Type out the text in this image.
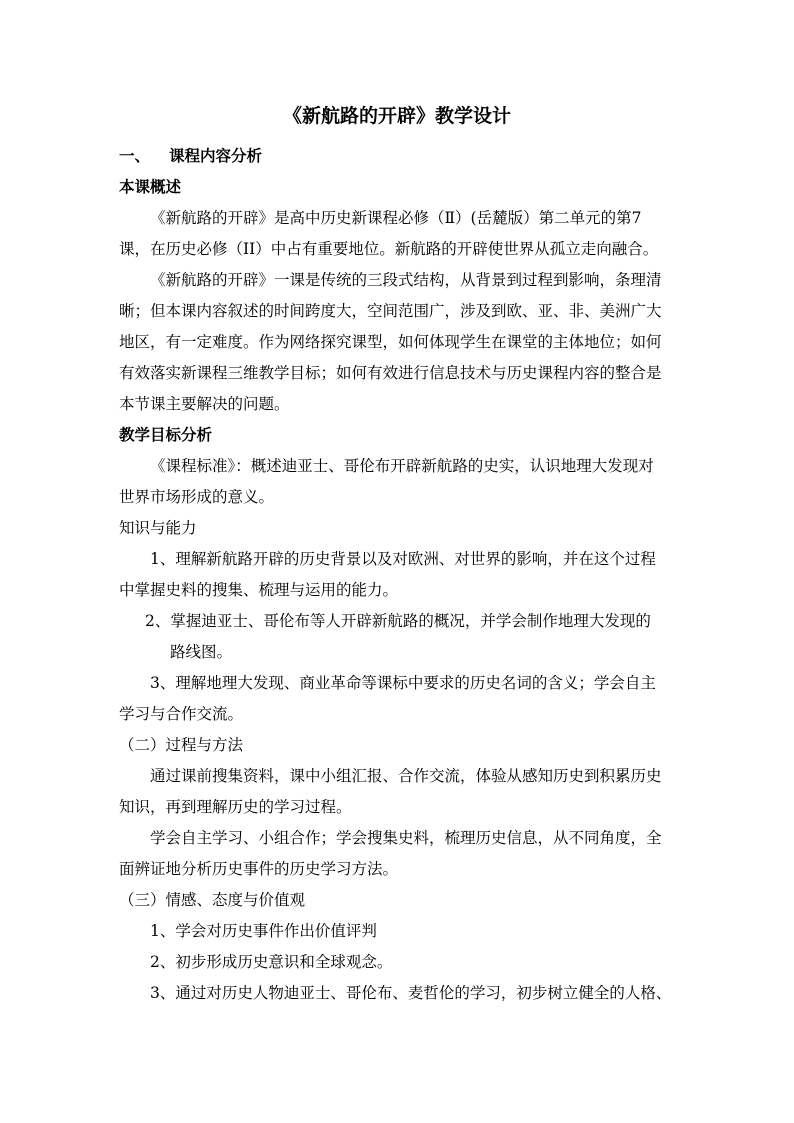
《新航路的开辟》教学设计
一、 课程内容分析
本课概述
《新航路的开辟》是高中历史新课程必修（Ⅱ）(岳麓版）第二单元的第7
课，在历史必修（II）中占有重要地位。新航路的开辟使世界从孤立走向融合。
《新航路的开辟》一课是传统的三段式结构，从背景到过程到影响，条理清
晰；但本课内容叙述的时间跨度大，空间范围广，涉及到欧、亚、非、美洲广大
地区，有一定难度。作为网络探究课型，如何体现学生在课堂的主体地位；如何
有效落实新课程三维教学目标；如何有效进行信息技术与历史课程内容的整合是
本节课主要解决的问题。
教学目标分析
《课程标准》：概述迪亚士、哥伦布开辟新航路的史实，认识地理大发现对
世界市场形成的意义。
知识与能力
1、理解新航路开辟的历史背景以及对欧洲、对世界的影响，并在这个过程
中掌握史料的搜集、梳理与运用的能力。
2、掌握迪亚士、哥伦布等人开辟新航路的概况，并学会制作地理大发现的
路线图。
3、理解地理大发现、商业革命等课标中要求的历史名词的含义；学会自主
学习与合作交流。
（二）过程与方法
通过课前搜集资料，课中小组汇报、合作交流，体验从感知历史到积累历史
知识，再到理解历史的学习过程。
学会自主学习、小组合作；学会搜集史料，梳理历史信息，从不同角度，全
面辨证地分析历史事件的历史学习方法。
（三）情感、态度与价值观
1、学会对历史事件作出价值评判
2、初步形成历史意识和全球观念。
3、通过对历史人物迪亚士、哥伦布、麦哲伦的学习，初步树立健全的人格、
